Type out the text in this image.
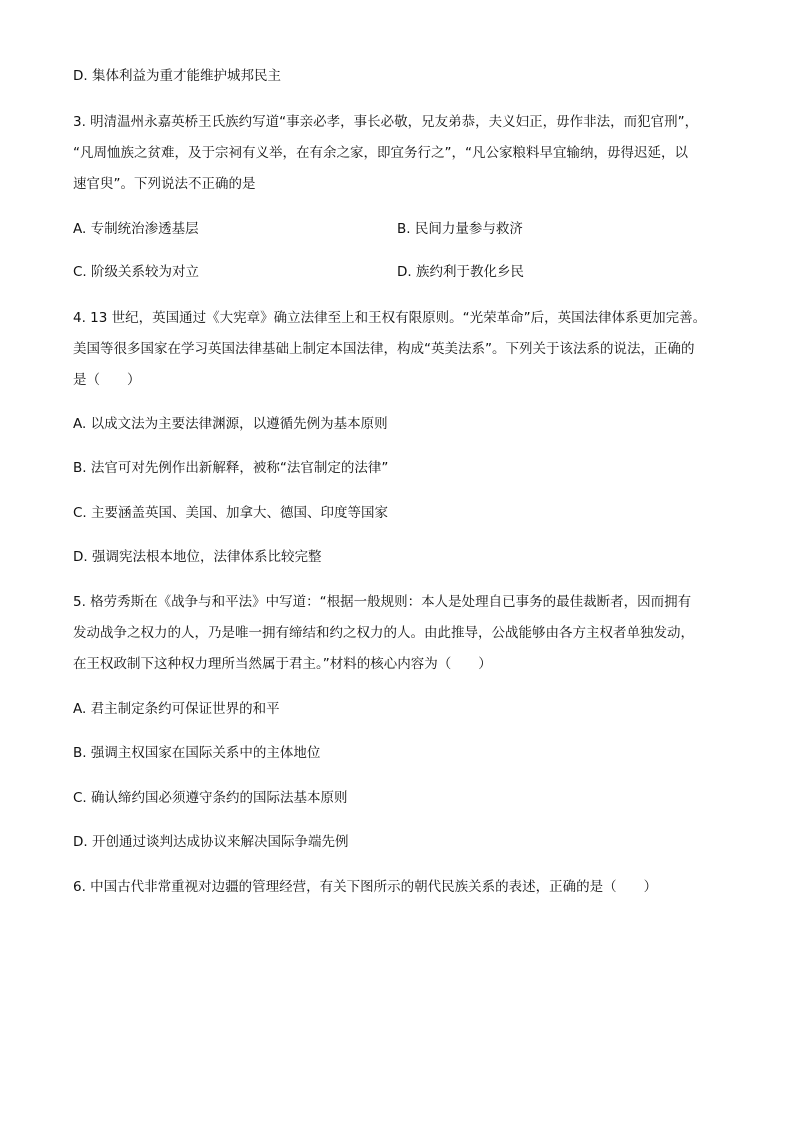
D. 集体利益为重才能维护城邦民主
3. 明清温州永嘉英桥王氏族约写道“事亲必孝，事长必敬，兄友弟恭，夫义妇正，毋作非法，而犯官刑”，
“凡周恤族之贫难，及于宗祠有义举，在有余之家，即宜务行之”，“凡公家粮料早宜输纳，毋得迟延，以
速官臾”。下列说法不正确的是
A. 专制统治渗透基层	B. 民间力量参与救济
C. 阶级关系较为对立	D. 族约利于教化乡民
4. 13 世纪，英国通过《大宪章》确立法律至上和王权有限原则。“光荣革命”后，英国法律体系更加完善。
美国等很多国家在学习英国法律基础上制定本国法律，构成“英美法系”。下列关于该法系的说法，正确的
是（　　）
A. 以成文法为主要法律渊源，以遵循先例为基本原则
B. 法官可对先例作出新解释，被称“法官制定的法律”
C. 主要涵盖英国、美国、加拿大、德国、印度等国家
D. 强调宪法根本地位，法律体系比较完整
5. 格劳秀斯在《战争与和平法》中写道：“根据一般规则：本人是处理自已事务的最佳裁断者，因而拥有
发动战争之权力的人，乃是唯一拥有缔结和约之权力的人。由此推导，公战能够由各方主权者单独发动，
在王权政制下这种权力理所当然属于君主。”材料的核心内容为（　　）
A. 君主制定条约可保证世界的和平
B. 强调主权国家在国际关系中的主体地位
C. 确认缔约国必须遵守条约的国际法基本原则
D. 开创通过谈判达成协议来解决国际争端先例
6. 中国古代非常重视对边疆的管理经营，有关下图所示的朝代民族关系的表述，正确的是（　　）
